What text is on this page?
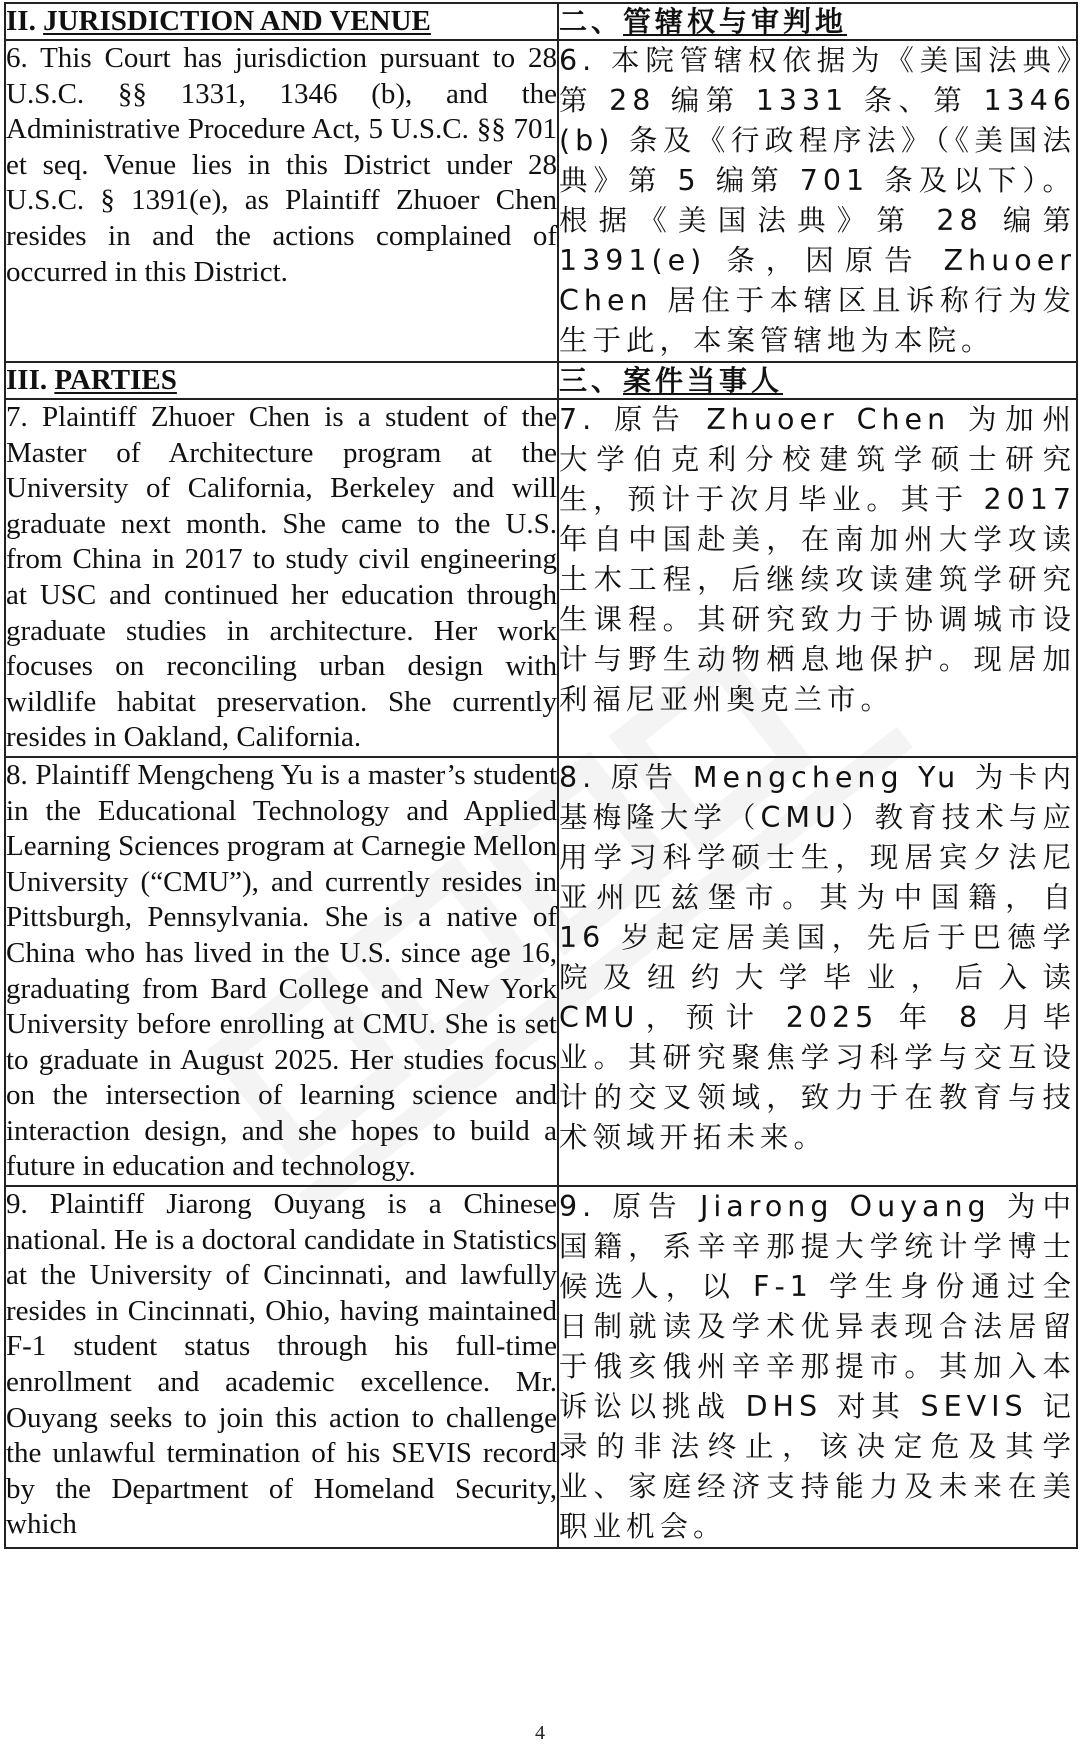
II. JURISDICTION AND VENUE	二、管辖权与审判地
6. This Court has jurisdiction pursuant to 28 U.S.C. §§ 1331, 1346 (b), and the Administrative Procedure Act, 5 U.S.C. §§ 701 et seq. Venue lies in this District under 28 U.S.C. § 1391(e), as Plaintiff Zhuoer Chen resides in and the actions complained of occurred in this District.	6. 本院管辖权依据为《美国法典》第 28 编第 1331 条、第 1346 (b) 条及《行政程序法》（《美国法典》第 5 编第 701 条及以下）。根据《美国法典》第 28 编第 1391(e) 条，因原告 Zhuoer Chen 居住于本辖区且诉称行为发生于此，本案管辖地为本院。
III. PARTIES	三、案件当事人
7. Plaintiff Zhuoer Chen is a student of the Master of Architecture program at the University of California, Berkeley and will graduate next month. She came to the U.S. from China in 2017 to study civil engineering at USC and continued her education through graduate studies in architecture. Her work focuses on reconciling urban design with wildlife habitat preservation. She currently resides in Oakland, California.	7. 原告 Zhuoer Chen 为加州大学伯克利分校建筑学硕士研究生，预计于次月毕业。其于 2017 年自中国赴美，在南加州大学攻读土木工程，后继续攻读建筑学研究生课程。其研究致力于协调城市设计与野生动物栖息地保护。现居加利福尼亚州奥克兰市。
8. Plaintiff Mengcheng Yu is a master’s student in the Educational Technology and Applied Learning Sciences program at Carnegie Mellon University (“CMU”), and currently resides in Pittsburgh, Pennsylvania. She is a native of China who has lived in the U.S. since age 16, graduating from Bard College and New York University before enrolling at CMU. She is set to graduate in August 2025. Her studies focus on the intersection of learning science and interaction design, and she hopes to build a future in education and technology.	8. 原告 Mengcheng Yu 为卡内基梅隆大学（CMU）教育技术与应用学习科学硕士生，现居宾夕法尼亚州匹兹堡市。其为中国籍，自 16 岁起定居美国，先后于巴德学院及纽约大学毕业，后入读 CMU，预计 2025 年 8 月毕业。其研究聚焦学习科学与交互设计的交叉领域，致力于在教育与技术领域开拓未来。
9. Plaintiff Jiarong Ouyang is a Chinese national. He is a doctoral candidate in Statistics at the University of Cincinnati, and lawfully resides in Cincinnati, Ohio, having maintained F-1 student status through his full-time enrollment and academic excellence. Mr. Ouyang seeks to join this action to challenge the unlawful termination of his SEVIS record by the Department of Homeland Security, which	9. 原告 Jiarong Ouyang 为中国籍，系辛辛那提大学统计学博士候选人，以 F-1 学生身份通过全日制就读及学术优异表现合法居留于俄亥俄州辛辛那提市。其加入本诉讼以挑战 DHS 对其 SEVIS 记录的非法终止，该决定危及其学业、家庭经济支持能力及未来在美职业机会。
4
